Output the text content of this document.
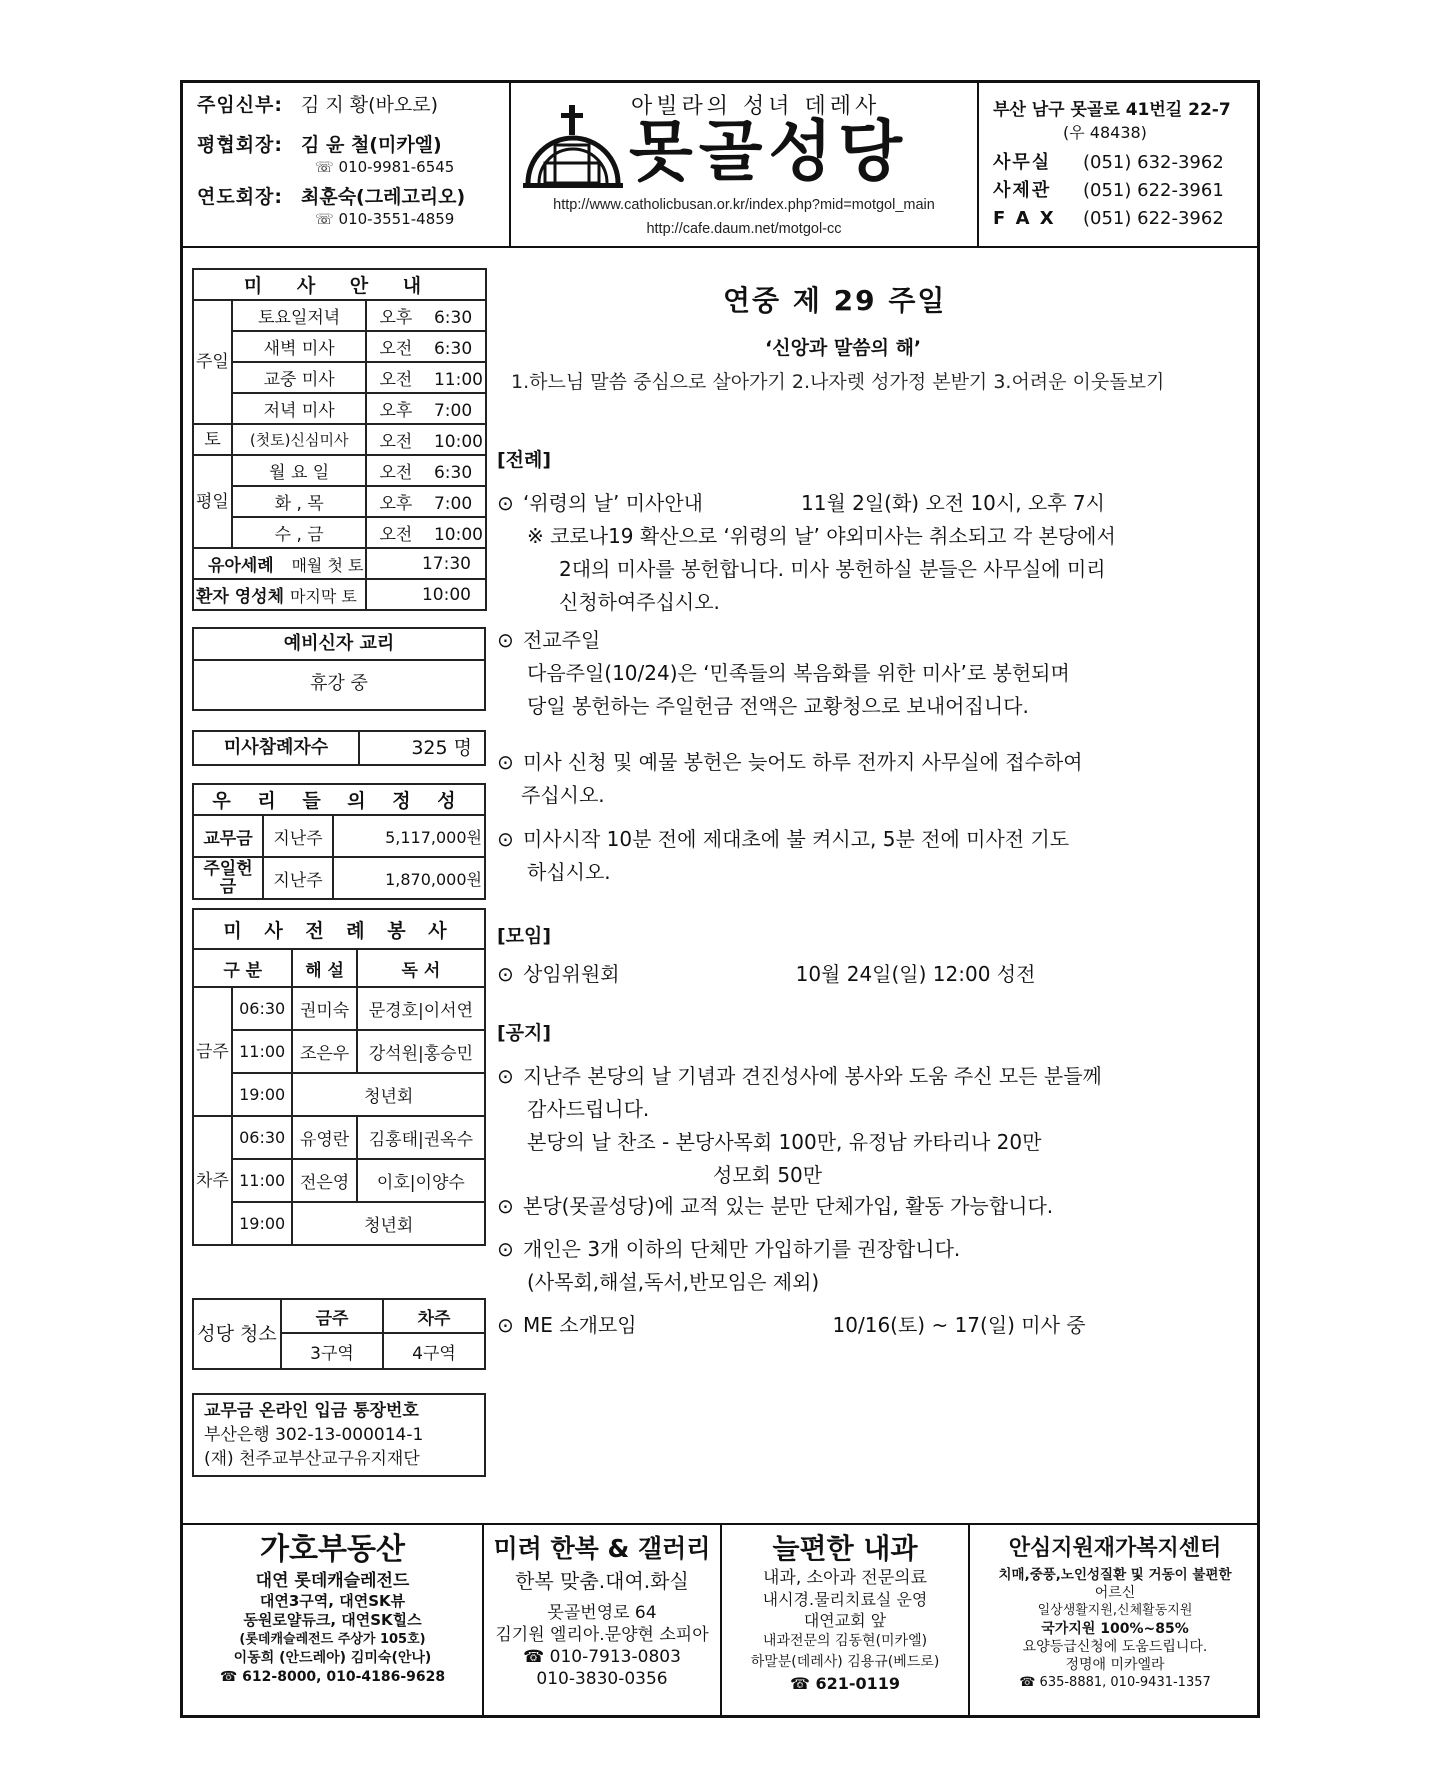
주임신부: 김 지 황(바오로)
평협회장: 김 윤 철(미카엘)
☏ 010-9981-6545
연도회장: 최훈숙(그레고리오)
☏ 010-3551-4859
아빌라의 성녀 데레사
못골성당
http://www.catholicbusan.or.kr/index.php?mid=motgol_main
http://cafe.daum.net/motgol-cc
부산 남구 못골로 41번길 22-7
(우 48438)
사무실	(051) 632-3962
사제관	(051) 622-3961
F A X	(051) 622-3962
미 사 안 내		
주일	토요일저녁	오후 6:30
	새벽 미사	오전 6:30
	교중 미사	오전 11:00
	저녁 미사	오후 7:00
토	(첫토)신심미사	오전 10:00
평일	월 요 일	오전 6:30
	화 , 목	오후 7:00
	수 , 금	오전 10:00
유아세례 매월 첫 토		17:30
환자 영성체 마지막 토		10:00
예비신자 교리
휴강 중
미사참례자수	325 명
우 리 들 의 정 성		
교무금	지난주	5,117,000원
주일헌금	지난주	1,870,000원
미 사 전 례 봉 사			
구 분		해 설	독 서
금주	06:30	권미숙	문경호|이서연
	11:00	조은우	강석원|홍승민
	19:00	청년회	
차주	06:30	유영란	김홍태|권옥수
	11:00	전은영	이호|이양수
	19:00	청년회	
성당 청소	금주	차주
	3구역	4구역
교무금 온라인 입금 통장번호
부산은행 302-13-000014-1
(재) 천주교부산교구유지재단
연중 제 29 주일
‘신앙과 말씀의 해’
1.하느님 말씀 중심으로 살아가기 2.나자렛 성가정 본받기 3.어려운 이웃돌보기
[전례]
⊙ ‘위령의 날’ 미사안내	11월 2일(화) 오전 10시, 오후 7시
※ 코로나19 확산으로 ‘위령의 날’ 야외미사는 취소되고 각 본당에서
2대의 미사를 봉헌합니다. 미사 봉헌하실 분들은 사무실에 미리
신청하여주십시오.
⊙ 전교주일
다음주일(10/24)은 ‘민족들의 복음화를 위한 미사’로 봉헌되며
당일 봉헌하는 주일헌금 전액은 교황청으로 보내어집니다.
⊙ 미사 신청 및 예물 봉헌은 늦어도 하루 전까지 사무실에 접수하여
주십시오.
⊙ 미사시작 10분 전에 제대초에 불 켜시고, 5분 전에 미사전 기도
하십시오.
[모임]
⊙ 상임위원회	10월 24일(일) 12:00 성전
[공지]
⊙ 지난주 본당의 날 기념과 견진성사에 봉사와 도움 주신 모든 분들께
감사드립니다.
본당의 날 찬조 - 본당사목회 100만, 유정남 카타리나 20만
성모회 50만
⊙ 본당(못골성당)에 교적 있는 분만 단체가입, 활동 가능합니다.
⊙ 개인은 3개 이하의 단체만 가입하기를 권장합니다.
(사목회,해설,독서,반모임은 제외)
⊙ ME 소개모임	10/16(토) ~ 17(일) 미사 중
가호부동산
대연 롯데캐슬레전드
대연3구역, 대연SK뷰
동원로얄듀크, 대연SK힐스
(롯데캐슬레전드 주상가 105호)
이동희 (안드레아) 김미숙(안나)
☎ 612-8000, 010-4186-9628
미려 한복 & 갤러리
한복 맞춤.대여.화실
못골번영로 64
김기원 엘리아.문양현 소피아
☎ 010-7913-0803
010-3830-0356
늘편한 내과
내과, 소아과 전문의료
내시경.물리치료실 운영
대연교회 앞
내과전문의 김동현(미카엘)
하말분(데레사) 김용규(베드로)
☎ 621-0119
안심지원재가복지센터
치매,중풍,노인성질환 및 거동이 불편한
어르신
일상생활지원,신체활동지원
국가지원 100%~85%
요양등급신청에 도움드립니다.
정명애 미카엘라
☎ 635-8881, 010-9431-1357
